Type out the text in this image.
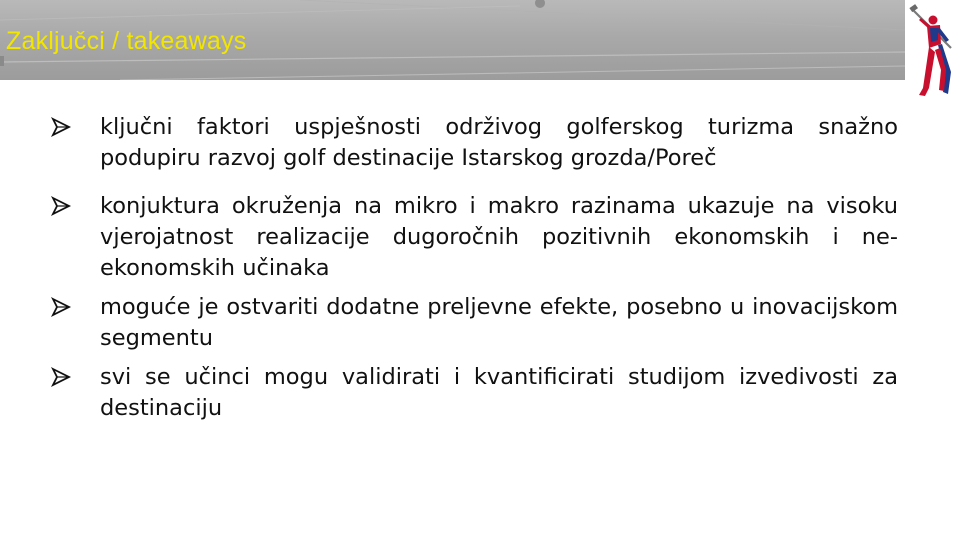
Zaključci / takeaways
ključni faktori uspješnosti održivog golferskog turizma snažno podupiru razvoj golf destinacije Istarskog grozda/Poreč
konjuktura okruženja na mikro i makro razinama ukazuje na visoku vjerojatnost realizacije dugoročnih pozitivnih ekonomskih i ne-ekonomskih učinaka
moguće je ostvariti dodatne preljevne efekte, posebno u inovacijskom segmentu
svi se učinci mogu validirati i kvantificirati studijom izvedivosti za destinaciju
